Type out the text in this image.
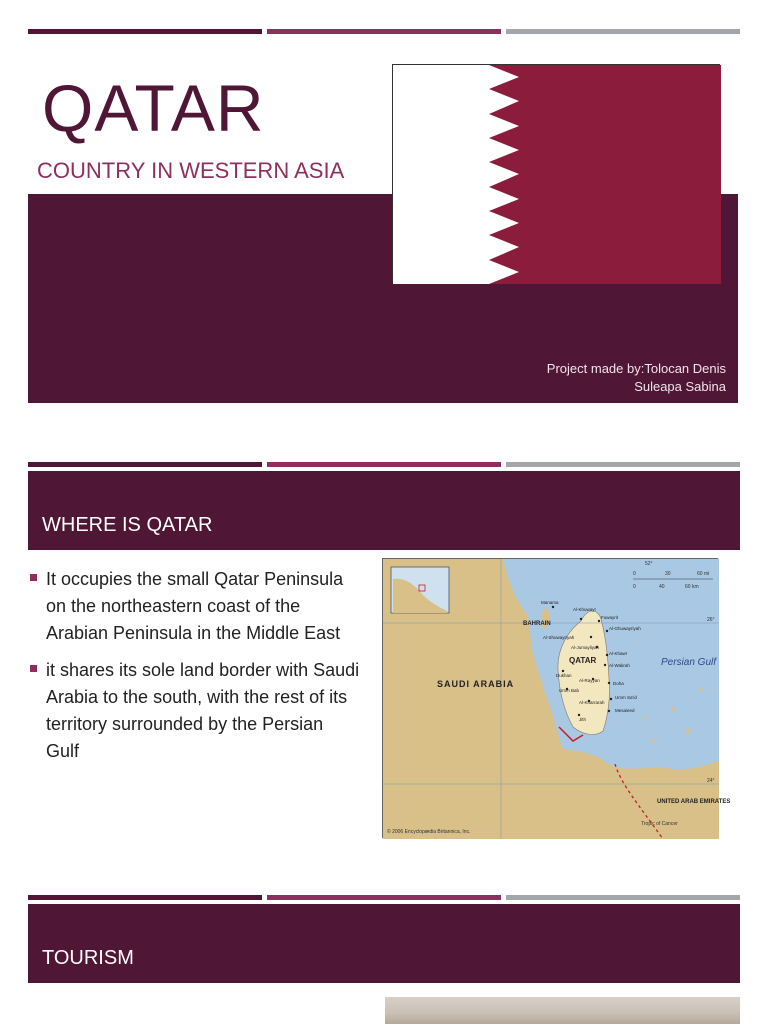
QATAR
COUNTRY IN WESTERN ASIA
Project made by:Tolocan Denis
Suleapa Sabina
WHERE IS QATAR
It occupies the small Qatar Peninsula on the northeastern coast of the Arabian Peninsula in the Middle East
it shares its sole land border with Saudi Arabia to the south, with the rest of its territory surrounded by the Persian Gulf
0	30	60 mi
0	40	60 km
52°
26°
24°
QATAR
SAUDI ARABIA
BAHRAIN
UNITED ARAB EMIRATES
Persian Gulf
Tropic of Cancer
© 2006 Encyclopædia Britannica, Inc.
Manama
Al-Khuwayr
Fuwayrit
Al-Ghuwayriyah
Al-Shuwayriyah
Al-Jumayliyah
Al-Khawr
Al-Wakrah
Dukhan
Al-Rayyan
Doha
Umm Bab
Al-Kharrarah
Umm Sa'id
Mesaieed
Jith
TOURISM
